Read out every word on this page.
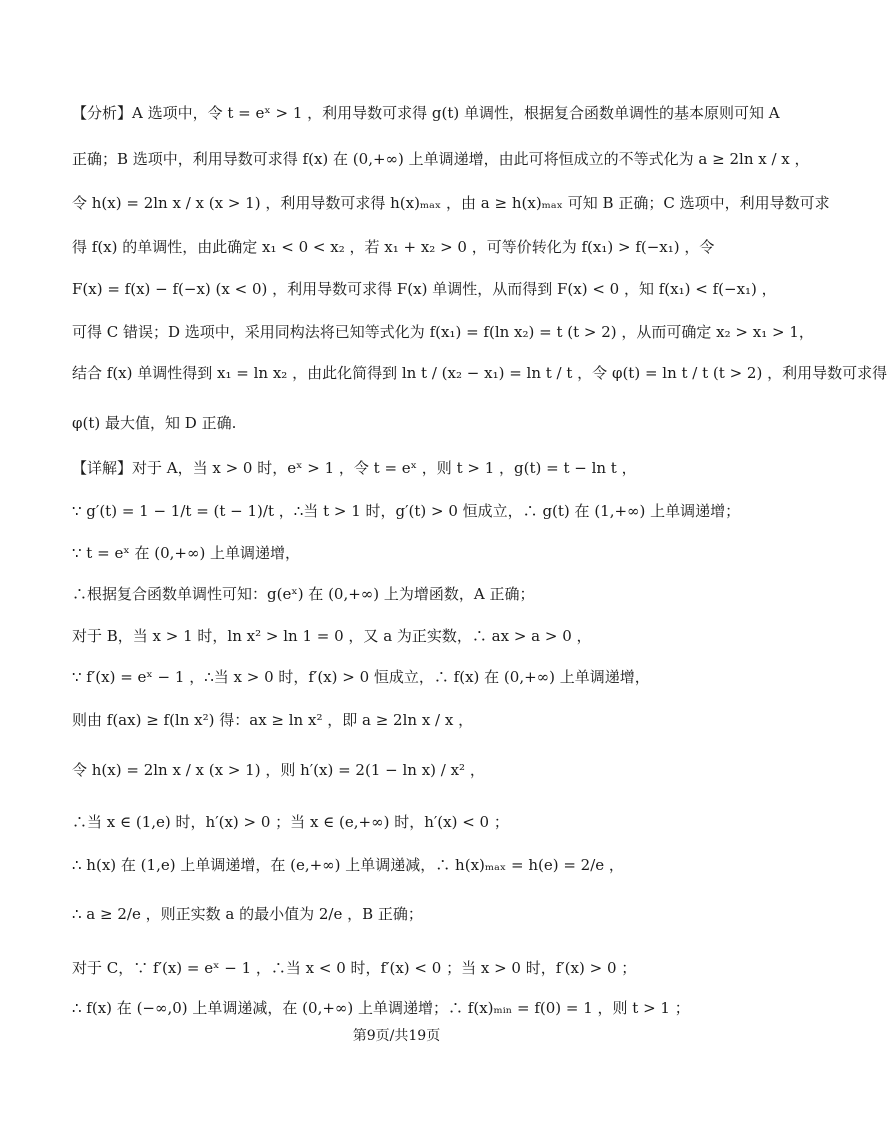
【分析】A 选项中，令 t = eˣ > 1 ，利用导数可求得 g(t) 单调性，根据复合函数单调性的基本原则可知 A
正确；B 选项中，利用导数可求得 f(x) 在 (0,+∞) 上单调递增，由此可将恒成立的不等式化为 a ≥ 2ln x / x ，
令 h(x) = 2ln x / x (x > 1) ，利用导数可求得 h(x)ₘₐₓ ，由 a ≥ h(x)ₘₐₓ 可知 B 正确；C 选项中，利用导数可求
得 f(x) 的单调性，由此确定 x₁ < 0 < x₂ ，若 x₁ + x₂ > 0 ，可等价转化为 f(x₁) > f(−x₁) ，令
F(x) = f(x) − f(−x) (x < 0) ，利用导数可求得 F(x) 单调性，从而得到 F(x) < 0 ，知 f(x₁) < f(−x₁) ，
可得 C 错误；D 选项中，采用同构法将已知等式化为 f(x₁) = f(ln x₂) = t (t > 2) ，从而可确定 x₂ > x₁ > 1，
结合 f(x) 单调性得到 x₁ = ln x₂ ，由此化简得到 ln t / (x₂ − x₁) = ln t / t ，令 φ(t) = ln t / t (t > 2) ，利用导数可求得
φ(t) 最大值，知 D 正确.
【详解】对于 A，当 x > 0 时，eˣ > 1 ，令 t = eˣ ，则 t > 1 ，g(t) = t − ln t ，
∵ g′(t) = 1 − 1/t = (t − 1)/t ，∴当 t > 1 时，g′(t) > 0 恒成立，∴ g(t) 在 (1,+∞) 上单调递增；
∵ t = eˣ 在 (0,+∞) 上单调递增，
∴根据复合函数单调性可知：g(eˣ) 在 (0,+∞) 上为增函数，A 正确；
对于 B，当 x > 1 时，ln x² > ln 1 = 0 ，又 a 为正实数，∴ ax > a > 0 ，
∵ f′(x) = eˣ − 1 ，∴当 x > 0 时，f′(x) > 0 恒成立，∴ f(x) 在 (0,+∞) 上单调递增，
则由 f(ax) ≥ f(ln x²) 得：ax ≥ ln x² ，即 a ≥ 2ln x / x ，
令 h(x) = 2ln x / x (x > 1) ，则 h′(x) = 2(1 − ln x) / x² ，
∴当 x ∈ (1,e) 时，h′(x) > 0 ；当 x ∈ (e,+∞) 时，h′(x) < 0 ；
∴ h(x) 在 (1,e) 上单调递增，在 (e,+∞) 上单调递减，∴ h(x)ₘₐₓ = h(e) = 2/e ，
∴ a ≥ 2/e ，则正实数 a 的最小值为 2/e ，B 正确；
对于 C，∵ f′(x) = eˣ − 1 ，∴当 x < 0 时，f′(x) < 0 ；当 x > 0 时，f′(x) > 0 ；
∴ f(x) 在 (−∞,0) 上单调递减，在 (0,+∞) 上单调递增；∴ f(x)ₘᵢₙ = f(0) = 1 ，则 t > 1 ；
第9页/共19页
